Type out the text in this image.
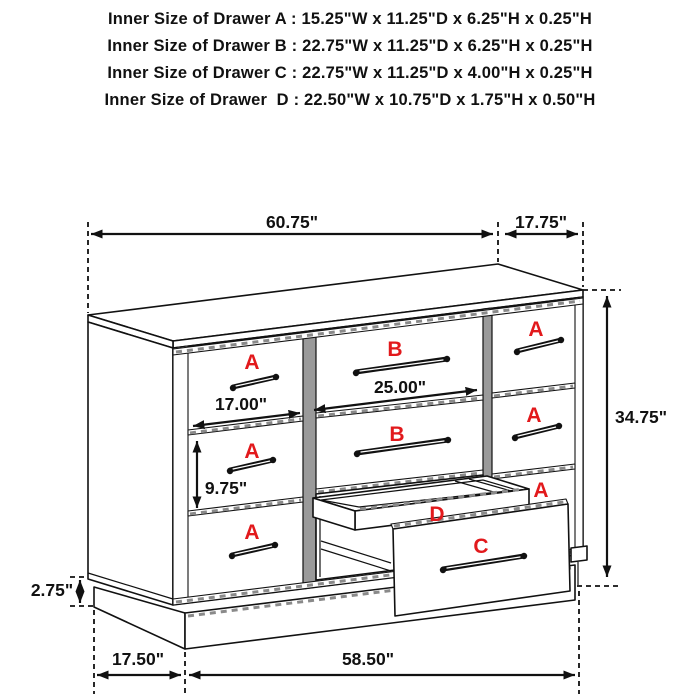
Inner Size of Drawer A : 15.25"W x 11.25"D x 6.25"H x 0.25"H
Inner Size of Drawer B : 22.75"W x 11.25"D x 6.25"H x 0.25"H
Inner Size of Drawer C : 22.75"W x 11.25"D x 4.00"H x 0.25"H
Inner Size of Drawer  D : 22.50"W x 10.75"D x 1.75"H x 0.50"H
A
A
A
B
B
A
A
A
D
C
60.75"	17.75"
34.75"
17.00"
25.00"
9.75"
2.75"
17.50"	58.50"
